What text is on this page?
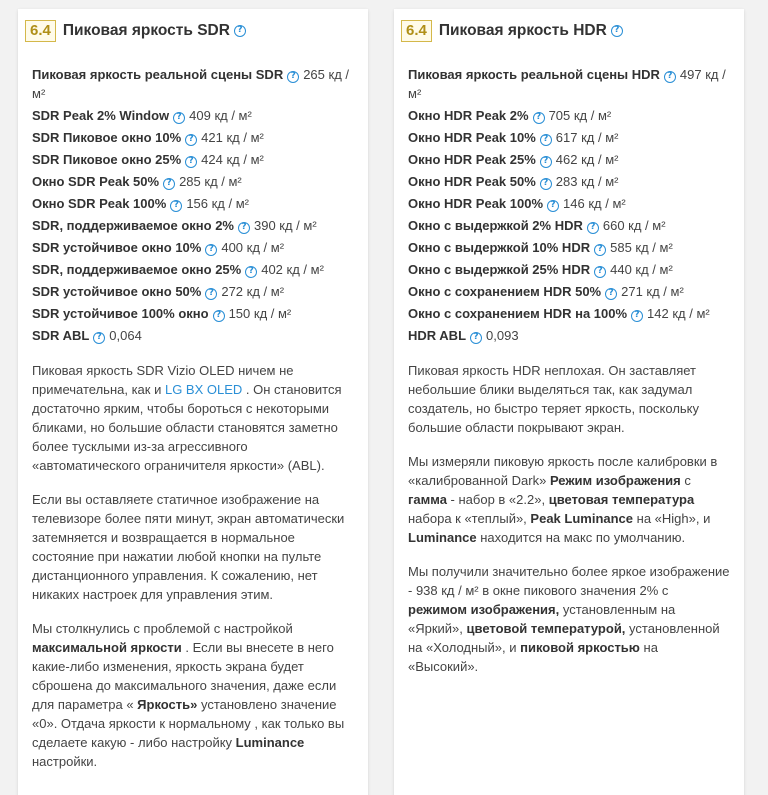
6.4 Пиковая яркость SDR ?
Пиковая яркость реальной сцены SDR ? 265 кд / м²
SDR Peak 2% Window ? 409 кд / м²
SDR Пиковое окно 10% ? 421 кд / м²
SDR Пиковое окно 25% ? 424 кд / м²
Окно SDR Peak 50% ? 285 кд / м²
Окно SDR Peak 100% ? 156 кд / м²
SDR, поддерживаемое окно 2% ? 390 кд / м²
SDR устойчивое окно 10% ? 400 кд / м²
SDR, поддерживаемое окно 25% ? 402 кд / м²
SDR устойчивое окно 50% ? 272 кд / м²
SDR устойчивое 100% окно ? 150 кд / м²
SDR ABL ? 0,064

Пиковая яркость SDR Vizio OLED ничем не примечательна, как и LG BX OLED . Он становится достаточно ярким, чтобы бороться с некоторыми бликами, но большие области становятся заметно более тусклыми из-за агрессивного «автоматического ограничителя яркости» (ABL).

Если вы оставляете статичное изображение на телевизоре более пяти минут, экран автоматически затемняется и возвращается в нормальное состояние при нажатии любой кнопки на пульте дистанционного управления. К сожалению, нет никаких настроек для управления этим.

Мы столкнулись с проблемой с настройкой максимальной яркости . Если вы внесете в него какие-либо изменения, яркость экрана будет сброшена до максимального значения, даже если для параметра « Яркость» установлено значение «0». Отдача яркости к нормальному , как только вы сделаете какую - либо настройку Luminance настройки.

6.4 Пиковая яркость HDR ?
Пиковая яркость реальной сцены HDR ? 497 кд / м²
Окно HDR Peak 2% ? 705 кд / м²
Окно HDR Peak 10% ? 617 кд / м²
Окно HDR Peak 25% ? 462 кд / м²
Окно HDR Peak 50% ? 283 кд / м²
Окно HDR Peak 100% ? 146 кд / м²
Окно с выдержкой 2% HDR ? 660 кд / м²
Окно с выдержкой 10% HDR ? 585 кд / м²
Окно с выдержкой 25% HDR ? 440 кд / м²
Окно с сохранением HDR 50% ? 271 кд / м²
Окно с сохранением HDR на 100% ? 142 кд / м²
HDR ABL ? 0,093

Пиковая яркость HDR неплохая. Он заставляет небольшие блики выделяться так, как задумал создатель, но быстро теряет яркость, поскольку большие области покрывают экран.

Мы измеряли пиковую яркость после калибровки в «калиброванной Dark» Режим изображения с гамма - набор в «2.2», цветовая температура набора к «теплый», Peak Luminance на «High», и Luminance находится на макс по умолчанию.

Мы получили значительно более яркое изображение - 938 кд / м² в окне пикового значения 2% с режимом изображения, установленным на «Яркий», цветовой температурой, установленной на «Холодный», и пиковой яркостью на «Высокий».
